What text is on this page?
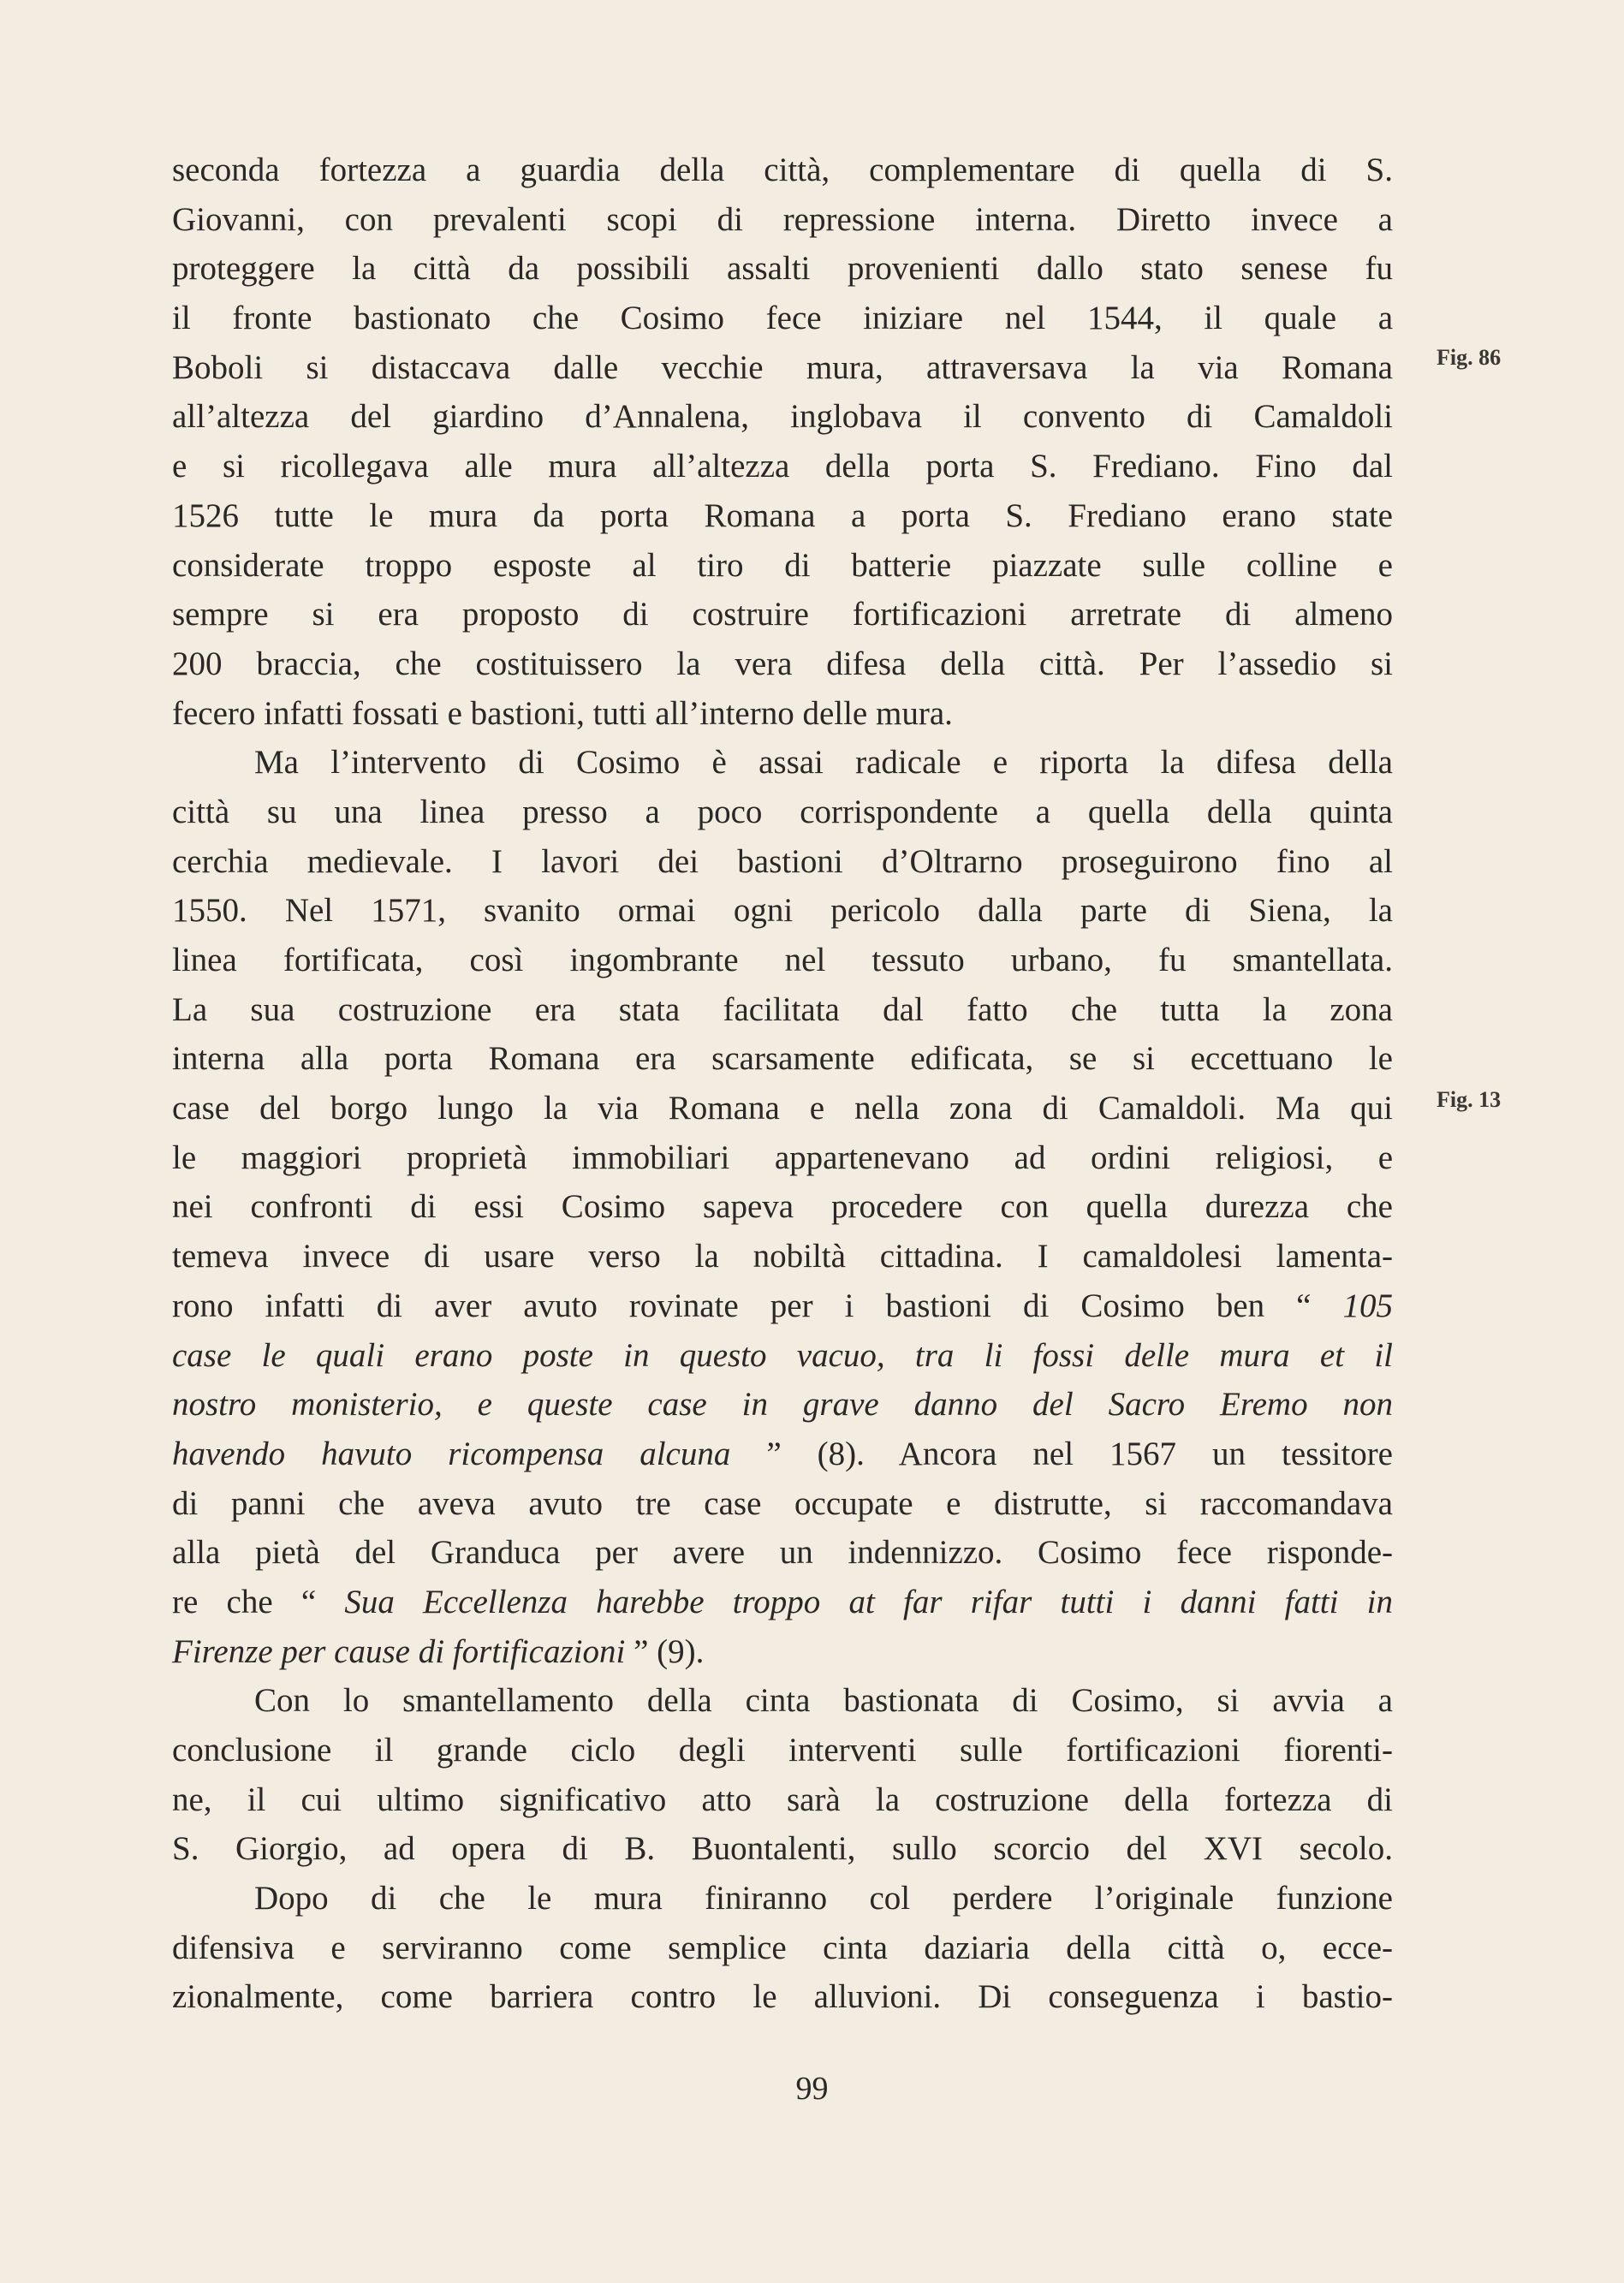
seconda fortezza a guardia della città, complementare di quella di S.
Giovanni, con prevalenti scopi di repressione interna. Diretto invece a
proteggere la città da possibili assalti provenienti dallo stato senese fu
il fronte bastionato che Cosimo fece iniziare nel 1544, il quale a
Boboli si distaccava dalle vecchie mura, attraversava la via Romana
all’altezza del giardino d’Annalena, inglobava il convento di Camaldoli
e si ricollegava alle mura all’altezza della porta S. Frediano. Fino dal
1526 tutte le mura da porta Romana a porta S. Frediano erano state
considerate troppo esposte al tiro di batterie piazzate sulle colline e
sempre si era proposto di costruire fortificazioni arretrate di almeno
200 braccia, che costituissero la vera difesa della città. Per l’assedio si
fecero infatti fossati e bastioni, tutti all’interno delle mura.
Ma l’intervento di Cosimo è assai radicale e riporta la difesa della
città su una linea presso a poco corrispondente a quella della quinta
cerchia medievale. I lavori dei bastioni d’Oltrarno proseguirono fino al
1550. Nel 1571, svanito ormai ogni pericolo dalla parte di Siena, la
linea fortificata, così ingombrante nel tessuto urbano, fu smantellata.
La sua costruzione era stata facilitata dal fatto che tutta la zona
interna alla porta Romana era scarsamente edificata, se si eccettuano le
case del borgo lungo la via Romana e nella zona di Camaldoli. Ma qui
le maggiori proprietà immobiliari appartenevano ad ordini religiosi, e
nei confronti di essi Cosimo sapeva procedere con quella durezza che
temeva invece di usare verso la nobiltà cittadina. I camaldolesi lamenta-
rono infatti di aver avuto rovinate per i bastioni di Cosimo ben “ 105
case le quali erano poste in questo vacuo, tra li fossi delle mura et il
nostro monisterio, e queste case in grave danno del Sacro Eremo non
havendo havuto ricompensa alcuna ” (8). Ancora nel 1567 un tessitore
di panni che aveva avuto tre case occupate e distrutte, si raccomandava
alla pietà del Granduca per avere un indennizzo. Cosimo fece risponde-
re che “ Sua Eccellenza harebbe troppo at far rifar tutti i danni fatti in
Firenze per cause di fortificazioni ” (9).
Con lo smantellamento della cinta bastionata di Cosimo, si avvia a
conclusione il grande ciclo degli interventi sulle fortificazioni fiorenti-
ne, il cui ultimo significativo atto sarà la costruzione della fortezza di
S. Giorgio, ad opera di B. Buontalenti, sullo scorcio del XVI secolo.
Dopo di che le mura finiranno col perdere l’originale funzione
difensiva e serviranno come semplice cinta daziaria della città o, ecce-
zionalmente, come barriera contro le alluvioni. Di conseguenza i bastio-
Fig. 86
Fig. 13
99
